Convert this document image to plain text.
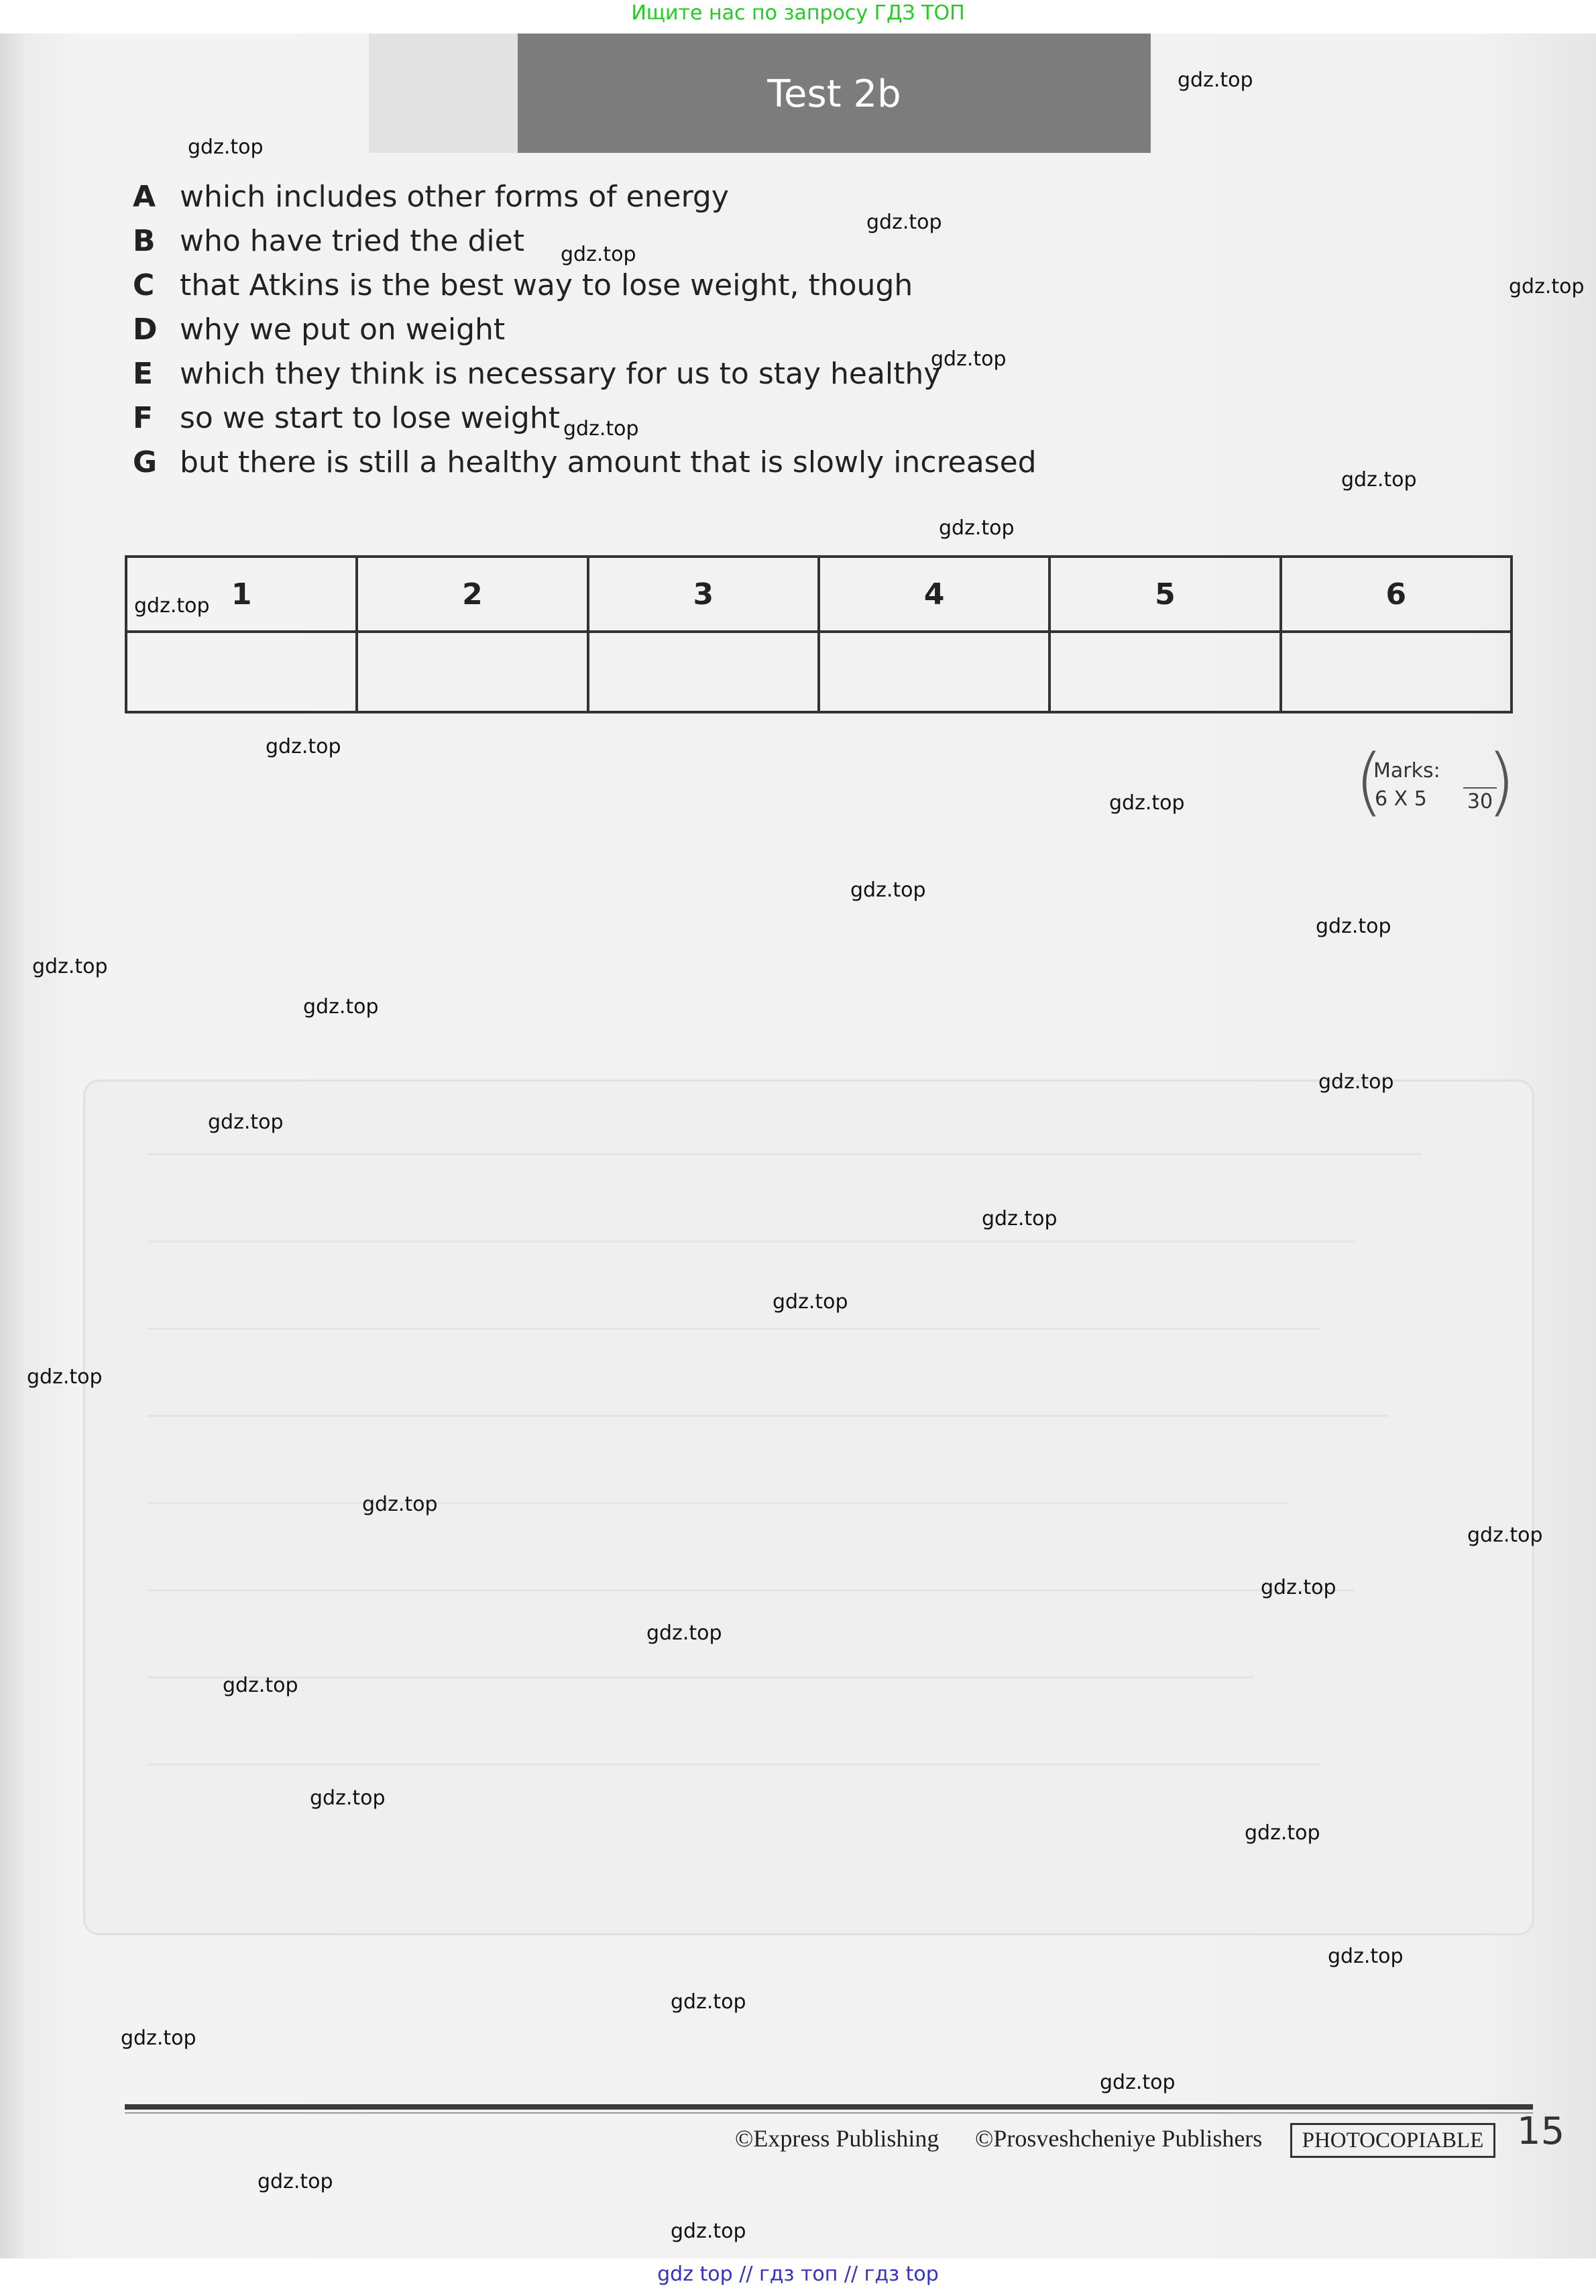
Ищите нас по запросу ГДЗ ТОП
Test 2b
A which includes other forms of energy
B who have tried the diet
C that Atkins is the best way to lose weight, though
D why we put on weight
E which they think is necessary for us to stay healthy
F so we start to lose weight
G but there is still a healthy amount that is slowly increased
1	2	3	4	5	6

(
Marks:
6 X 5 30
)
©Express Publishing ©Prosveshcheniye Publishers	PHOTOCOPIABLE 15
gdz.top
gdz.top
gdz.top
gdz.top
gdz.top
gdz.top
gdz.top
gdz.top
gdz.top
gdz.top
gdz.top
gdz.top
gdz.top
gdz.top
gdz.top
gdz.top
gdz.top
gdz.top
gdz.top
gdz.top
gdz.top
gdz.top
gdz.top
gdz.top
gdz.top
gdz.top
gdz.top
gdz.top
gdz.top
gdz.top
gdz.top
gdz.top
gdz.top
gdz.top
gdz top // гдз топ // гдз top
